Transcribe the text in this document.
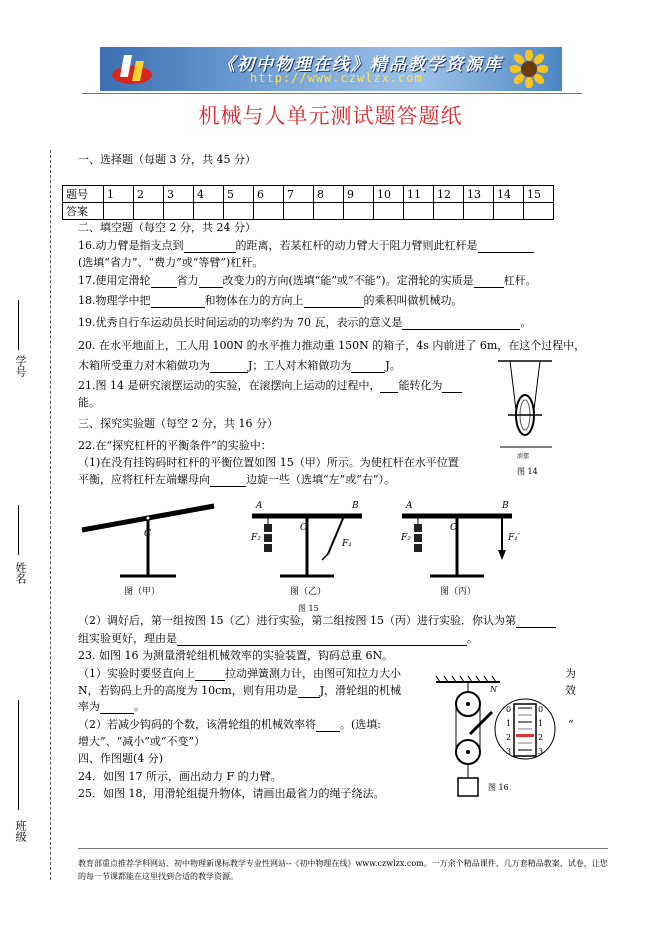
《初中物理在线》精品教学资源库
http://www.czwlzx.com
机械与人单元测试题答题纸
一、选择题（每题 3 分，共 45 分）
题号	1	2	3	4	5	6	7	8	9	10	11	12	13	14	15
答案															
二、填空题（每空 2 分，共 24 分）
16.动力臂是指支点到	的距离，若某杠杆的动力臂大于阻力臂则此杠杆是
(选填“省力”、“费力”或“等臂”)杠杆。
17.使用定滑轮 省力 改变力的方向(选填“能”或“不能”)。定滑轮的实质是	杠杆。
18.物理学中把	和物体在力的方向上	的乘积叫做机械功。
19.优秀自行车运动员长时间运动的功率约为 70 瓦，表示的意义是	。
20. 在水平地面上，工人用 100N 的水平推力推动重 150N 的箱子，4s 内前进了 6m，在这个过程中，
木箱所受重力对木箱做功为	J；工人对木箱做功为	J。
21.图 14 是研究滚摆运动的实验，在滚摆向上运动的过程中， 能转化为
能。
滚摆
图 14
三、探究实验题（每空 2 分，共 16 分）
22.在“探究杠杆的平衡条件”的实验中：
（1)在没有挂钩码时杠杆的平衡位置如图 15（甲）所示。为使杠杆在水平位置
平衡，应将杠杆左端螺母向	边旋一些（选填“左”或“右”）。
C
图（甲）
A	B
O
F₂
F₁
图（乙）
A	B
O
F₂	F₁′
图（丙）
图 15
（2）调好后，第一组按图 15（乙）进行实验，第二组按图 15（丙）进行实验．你认为第
组实验更好，理由是	。
23. 如图 16 为测量滑轮组机械效率的实验装置，钩码总重 6N。
（1）实验时要竖直向上	拉动弹簧测力计，由图可知拉力大小	为
N，若钩码上升的高度为 10cm，则有用功是 J，滑轮组的机械	效
率为	。
（2）若减少钩码的个数，该滑轮组的机械效率将 。(选填:	“
增大”、“减小”或“不变”）
N
0
1
2
3
0
1
2
3
图 16
四、作图题(4 分)
24．如图 17 所示，画出动力 F 的力臂。
25．如图 18，用滑轮组提升物体，请画出最省力的绳子绕法。
学号
姓名
班级
教育部重点推荐学科网站、初中物理新课标教学专业性网站--《初中物理在线》www.czwlzx.com。一万余个精品课件、几万套精品教案、试卷，让您的每一节课都能在这里找到合适的教学资源。
